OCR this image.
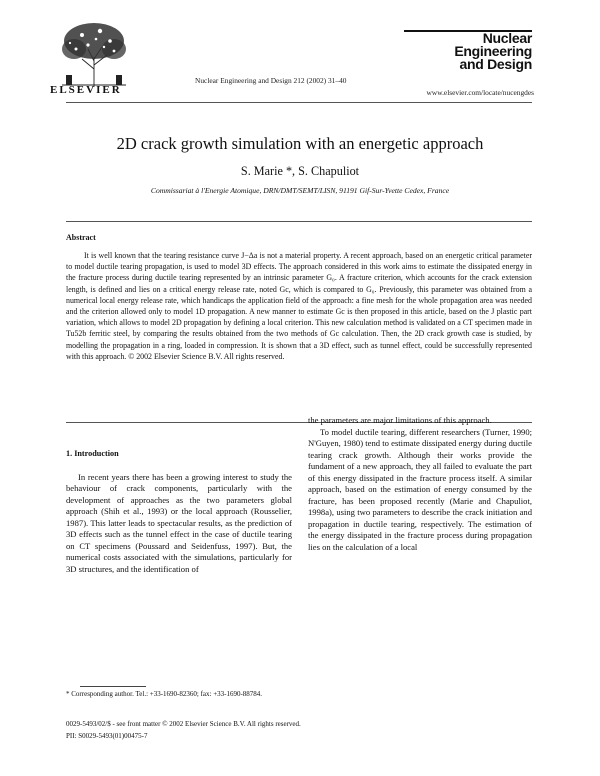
ELSEVIER
Nuclear Engineering and Design 212 (2002) 31–40
Nuclear
Engineering
and Design
www.elsevier.com/locate/nucengdes
2D crack growth simulation with an energetic approach
S. Marie *, S. Chapuliot
Commissariat à l'Energie Atomique, DRN/DMT/SEMT/LISN, 91191 Gif-Sur-Yvette Cedex, France
Abstract

It is well known that the tearing resistance curve J−Δa is not a material property. A recent approach, based on an energetic critical parameter to model ductile tearing propagation, is used to model 3D effects. The approach considered in this work aims to estimate the dissipated energy in the fracture process during ductile tearing represented by an intrinsic parameter G₀. A fracture criterion, which accounts for the crack extension length, is defined and lies on a critical energy release rate, noted Gc, which is compared to G₀. Previously, this parameter was obtained from a numerical local energy release rate, which handicaps the application field of the approach: a fine mesh for the whole propagation area was needed and the criterion allowed only to model 1D propagation. A new manner to estimate Gc is then proposed in this article, based on the J plastic part variation, which allows to model 2D propagation by defining a local criterion. This new calculation method is validated on a CT specimen made in Tu52b ferritic steel, by comparing the results obtained from the two methods of Gc calculation. Then, the 2D crack growth case is studied, by modelling the propagation in a ring, loaded in compression. It is shown that a 3D effect, such as tunnel effect, could be successfully represented with this approach. © 2002 Elsevier Science B.V. All rights reserved.

1. Introduction

In recent years there has been a growing interest to study the behaviour of crack components, particularly with the development of approaches as the two parameters global approach (Shih et al., 1993) or the local approach (Rousselier, 1987). This latter leads to spectacular results, as the prediction of 3D effects such as the tunnel effect in the case of ductile tearing on CT specimens (Poussard and Seidenfuss, 1997). But, the numerical costs associated with the simulations, particularly for 3D structures, and the identification of

* Corresponding author. Tel.: +33-1690-82360; fax: +33-1690-88784.

the parameters are major limitations of this approach.

To model ductile tearing, different researchers (Turner, 1990; N'Guyen, 1980) tend to estimate dissipated energy during ductile tearing crack growth. Although their works provide the fundament of a new approach, they all failed to evaluate the part of this energy dissipated in the fracture process itself. A similar approach, based on the estimation of energy consumed by the fracture, has been proposed recently (Marie and Chapuliot, 1998a), using two parameters to describe the crack initiation and propagation in ductile tearing, respectively. The estimation of the energy dissipated in the fracture process during propagation lies on the calculation of a local

0029-5493/02/$ - see front matter © 2002 Elsevier Science B.V. All rights reserved.
PII: S0029-5493(01)00475-7
